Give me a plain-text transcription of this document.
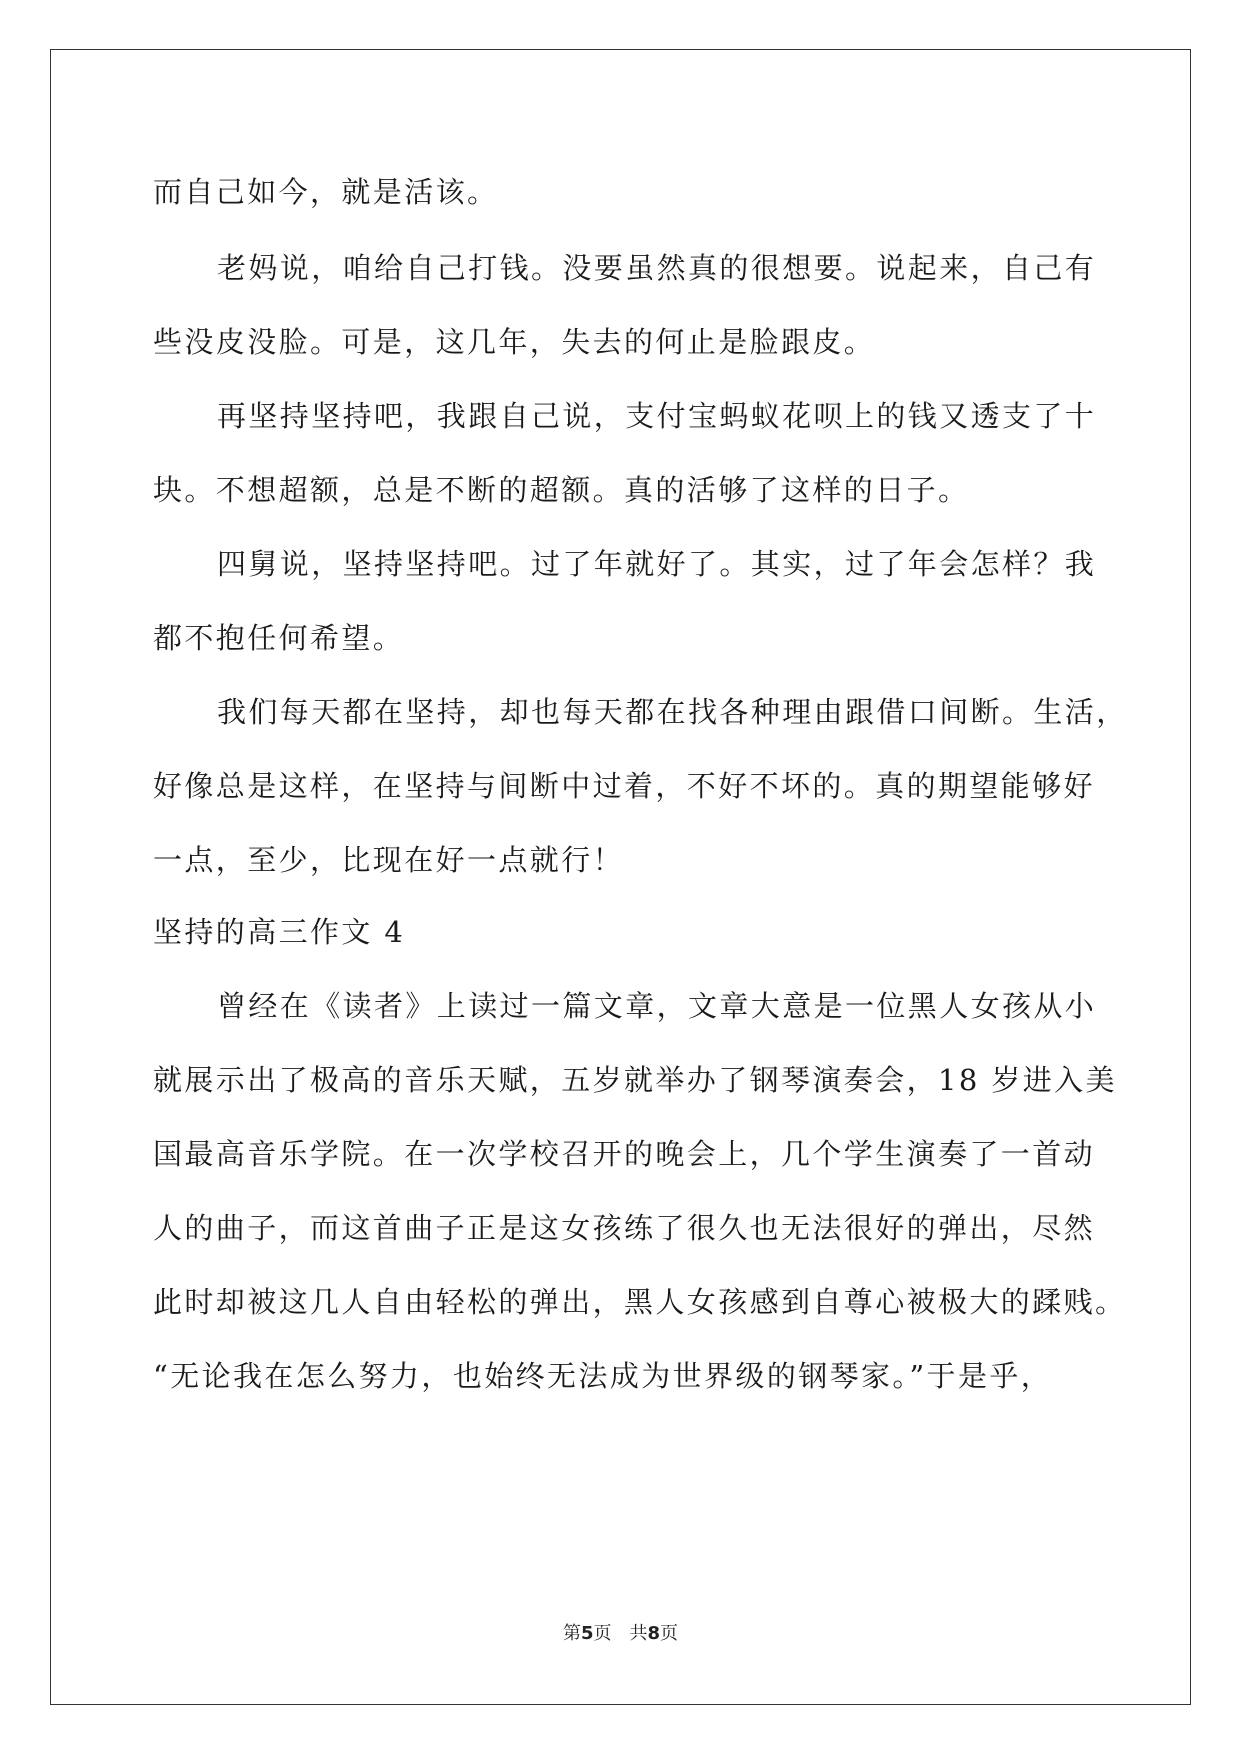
而自己如今，就是活该。
老妈说，咱给自己打钱。没要虽然真的很想要。说起来，自己有
些没皮没脸。可是，这几年，失去的何止是脸跟皮。
再坚持坚持吧，我跟自己说，支付宝蚂蚁花呗上的钱又透支了十
块。不想超额，总是不断的超额。真的活够了这样的日子。
四舅说，坚持坚持吧。过了年就好了。其实，过了年会怎样？我
都不抱任何希望。
我们每天都在坚持，却也每天都在找各种理由跟借口间断。生活，
好像总是这样，在坚持与间断中过着，不好不坏的。真的期望能够好
一点，至少，比现在好一点就行！
坚持的高三作文 4
曾经在《读者》上读过一篇文章，文章大意是一位黑人女孩从小
就展示出了极高的音乐天赋，五岁就举办了钢琴演奏会，18 岁进入美
国最高音乐学院。在一次学校召开的晚会上，几个学生演奏了一首动
人的曲子，而这首曲子正是这女孩练了很久也无法很好的弹出，尽然
此时却被这几人自由轻松的弹出，黑人女孩感到自尊心被极大的蹂贱。
“无论我在怎么努力，也始终无法成为世界级的钢琴家。”于是乎，
第5页 共8页
